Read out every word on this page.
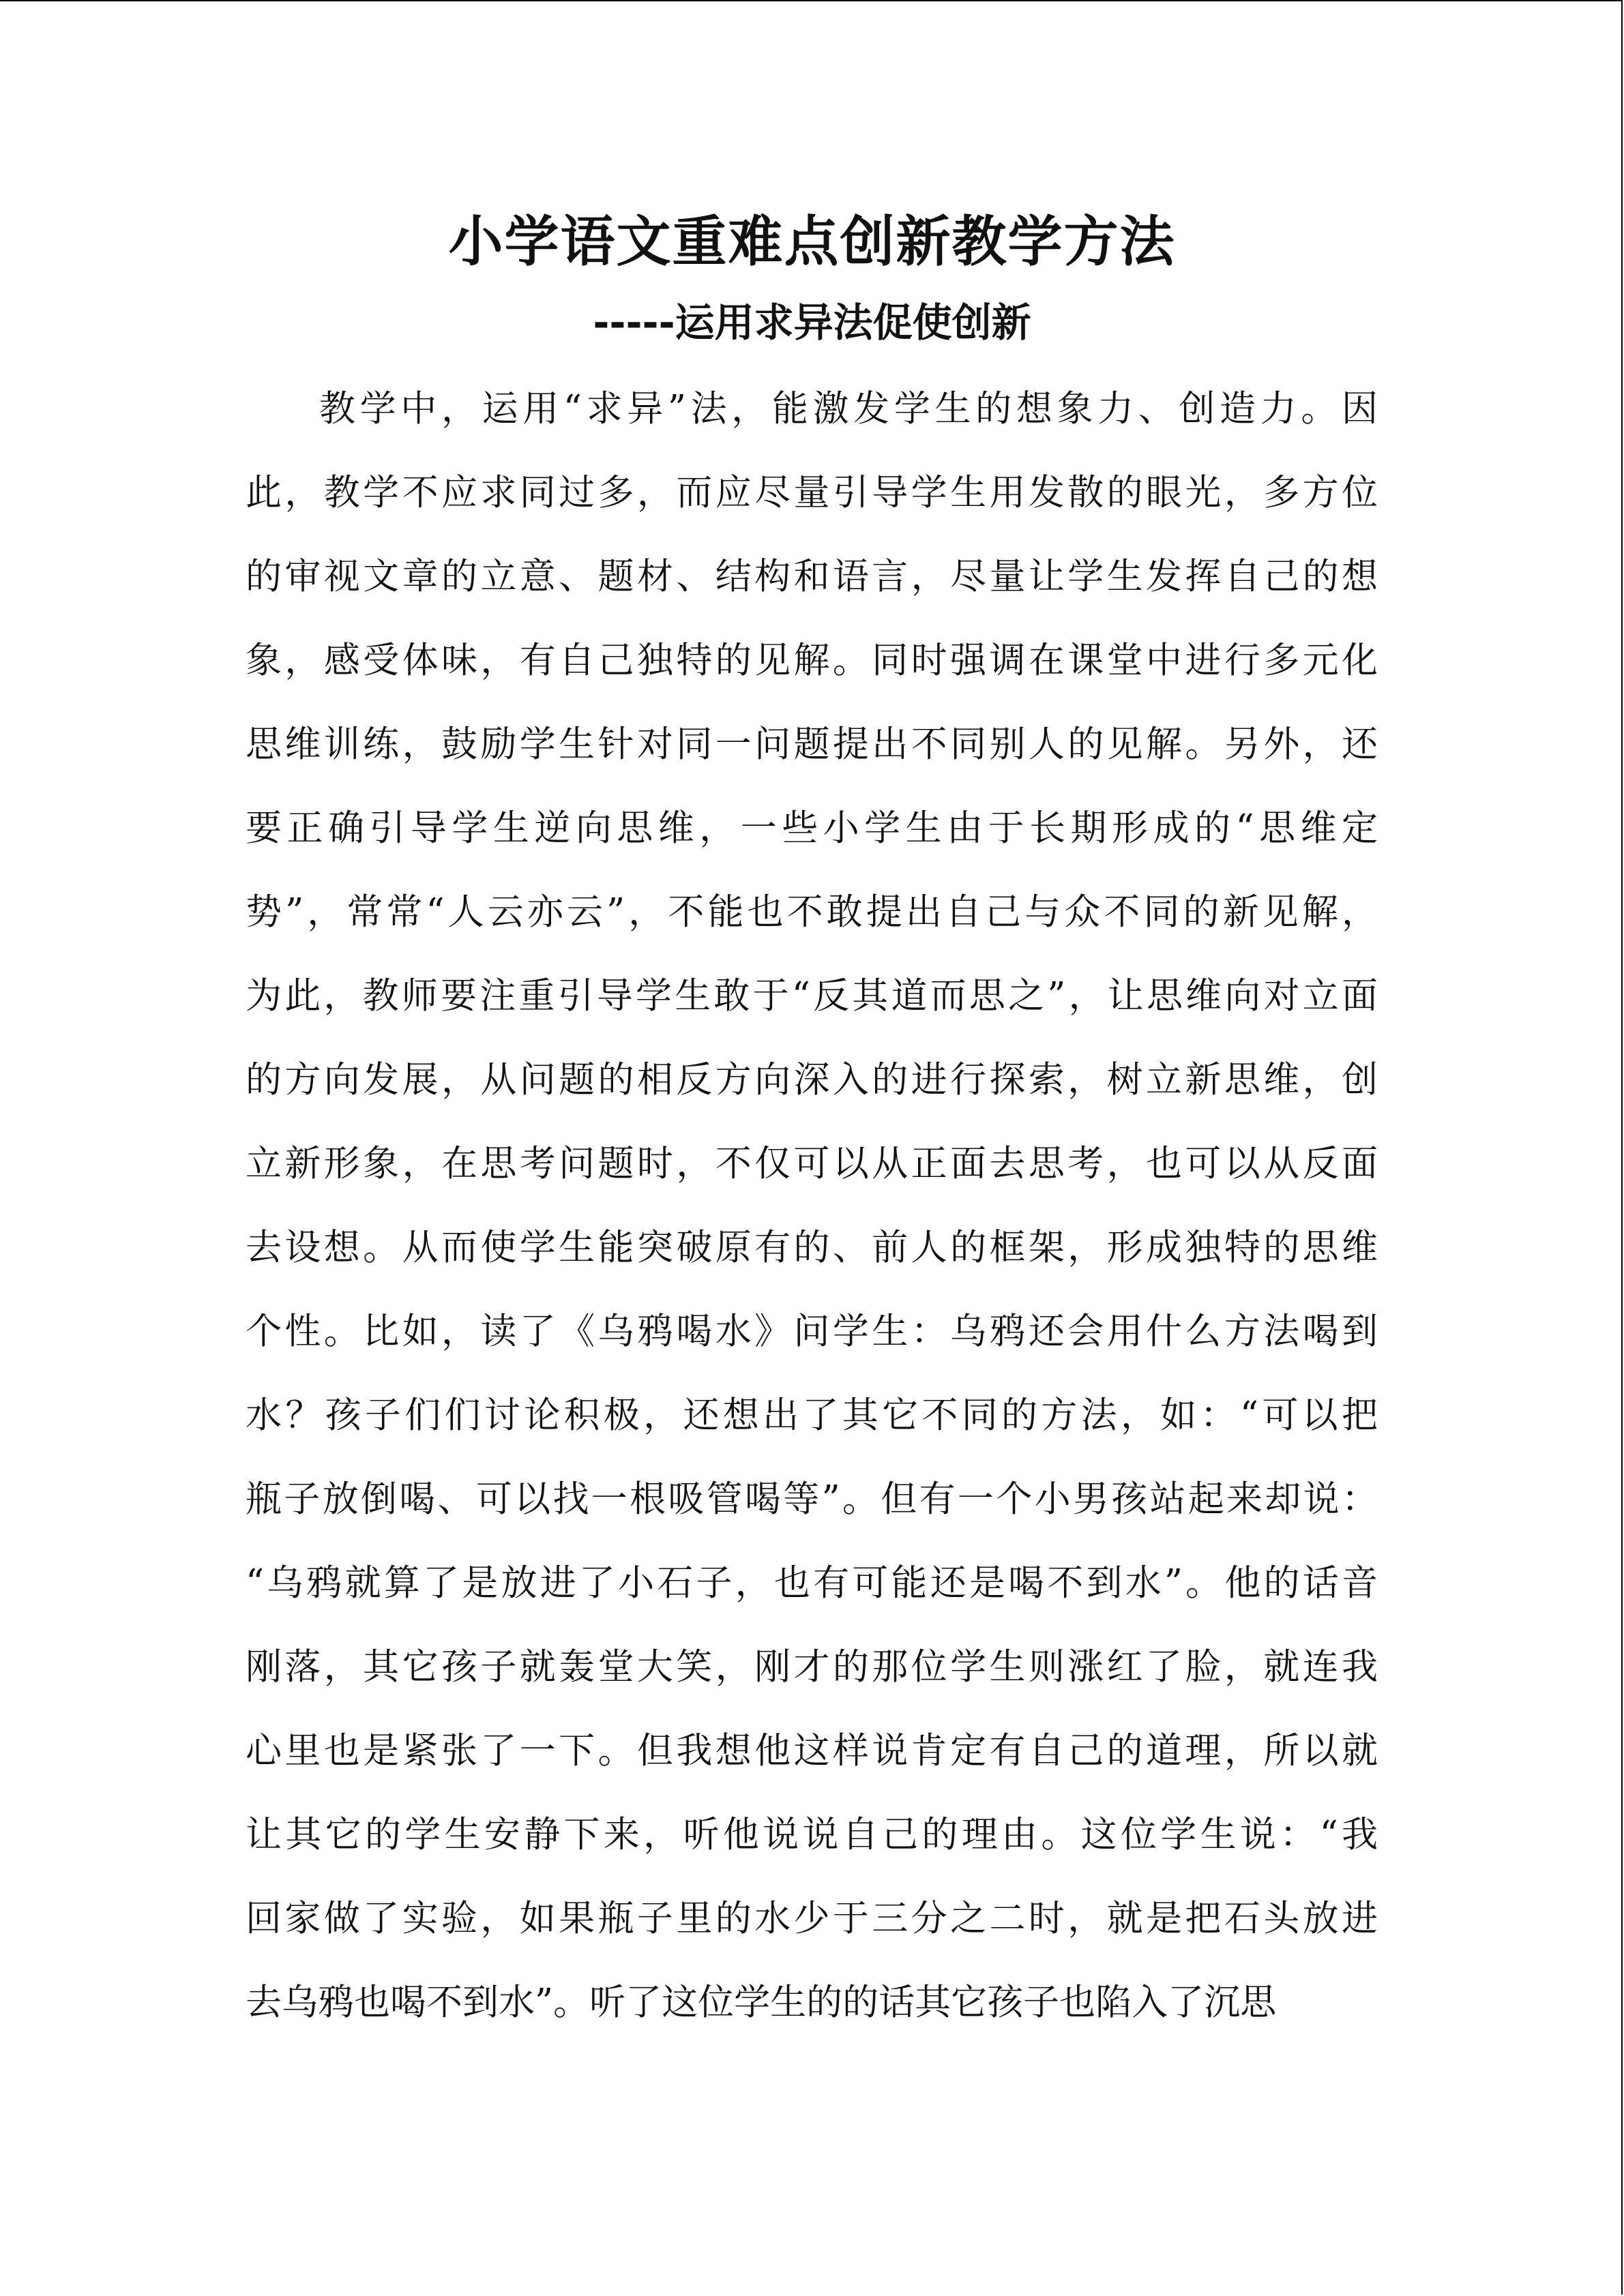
小学语文重难点创新教学方法
-----运用求异法促使创新

教学中，运用“求异”法，能激发学生的想象力、创造力。因

此，教学不应求同过多，而应尽量引导学生用发散的眼光，多方位

的审视文章的立意、题材、结构和语言，尽量让学生发挥自己的想

象，感受体味，有自己独特的见解。同时强调在课堂中进行多元化

思维训练，鼓励学生针对同一问题提出不同别人的见解。另外，还

要正确引导学生逆向思维，一些小学生由于长期形成的“思维定

势”，常常“人云亦云”，不能也不敢提出自己与众不同的新见解，

为此，教师要注重引导学生敢于“反其道而思之”，让思维向对立面

的方向发展，从问题的相反方向深入的进行探索，树立新思维，创

立新形象，在思考问题时，不仅可以从正面去思考，也可以从反面

去设想。从而使学生能突破原有的、前人的框架，形成独特的思维

个性。比如，读了《乌鸦喝水》问学生：乌鸦还会用什么方法喝到

水？孩子们们讨论积极，还想出了其它不同的方法，如：“可以把

瓶子放倒喝、可以找一根吸管喝等”。但有一个小男孩站起来却说：

“乌鸦就算了是放进了小石子，也有可能还是喝不到水”。他的话音

刚落，其它孩子就轰堂大笑，刚才的那位学生则涨红了脸，就连我

心里也是紧张了一下。但我想他这样说肯定有自己的道理，所以就

让其它的学生安静下来，听他说说自己的理由。这位学生说：“我

回家做了实验，如果瓶子里的水少于三分之二时，就是把石头放进

去乌鸦也喝不到水”。听了这位学生的的话其它孩子也陷入了沉思
